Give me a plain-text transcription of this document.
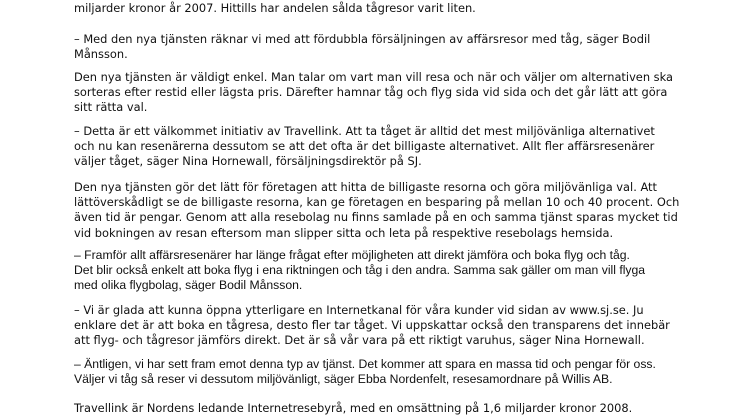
miljarder kronor år 2007. Hittills har andelen sålda tågresor varit liten.

– Med den nya tjänsten räknar vi med att fördubbla försäljningen av affärsresor med tåg, säger Bodil
Månsson.

Den nya tjänsten är väldigt enkel. Man talar om vart man vill resa och när och väljer om alternativen ska
sorteras efter restid eller lägsta pris. Därefter hamnar tåg och flyg sida vid sida och det går lätt att göra
sitt rätta val.

– Detta är ett välkommet initiativ av Travellink. Att ta tåget är alltid det mest miljövänliga alternativet
och nu kan resenärerna dessutom se att det ofta är det billigaste alternativet. Allt fler affärsresenärer
väljer tåget, säger Nina Hornewall, försäljningsdirektör på SJ.

Den nya tjänsten gör det lätt för företagen att hitta de billigaste resorna och göra miljövänliga val. Att
lättöverskådligt se de billigaste resorna, kan ge företagen en besparing på mellan 10 och 40 procent. Och
även tid är pengar. Genom att alla resebolag nu finns samlade på en och samma tjänst sparas mycket tid
vid bokningen av resan eftersom man slipper sitta och leta på respektive resebolags hemsida.

– Framför allt affärsresenärer har länge frågat efter möjligheten att direkt jämföra och boka flyg och tåg.
Det blir också enkelt att boka flyg i ena riktningen och tåg i den andra. Samma sak gäller om man vill flyga
med olika flygbolag, säger Bodil Månsson.

– Vi är glada att kunna öppna ytterligare en Internetkanal för våra kunder vid sidan av www.sj.se. Ju
enklare det är att boka en tågresa, desto fler tar tåget. Vi uppskattar också den transparens det innebär
att flyg- och tågresor jämförs direkt. Det är så vår vara på ett riktigt varuhus, säger Nina Hornewall.

– Äntligen, vi har sett fram emot denna typ av tjänst. Det kommer att spara en massa tid och pengar för oss.
Väljer vi tåg så reser vi dessutom miljövänligt, säger Ebba Nordenfelt, resesamordnare på Willis AB.

Travellink är Nordens ledande Internetresebyrå, med en omsättning på 1,6 miljarder kronor 2008.
